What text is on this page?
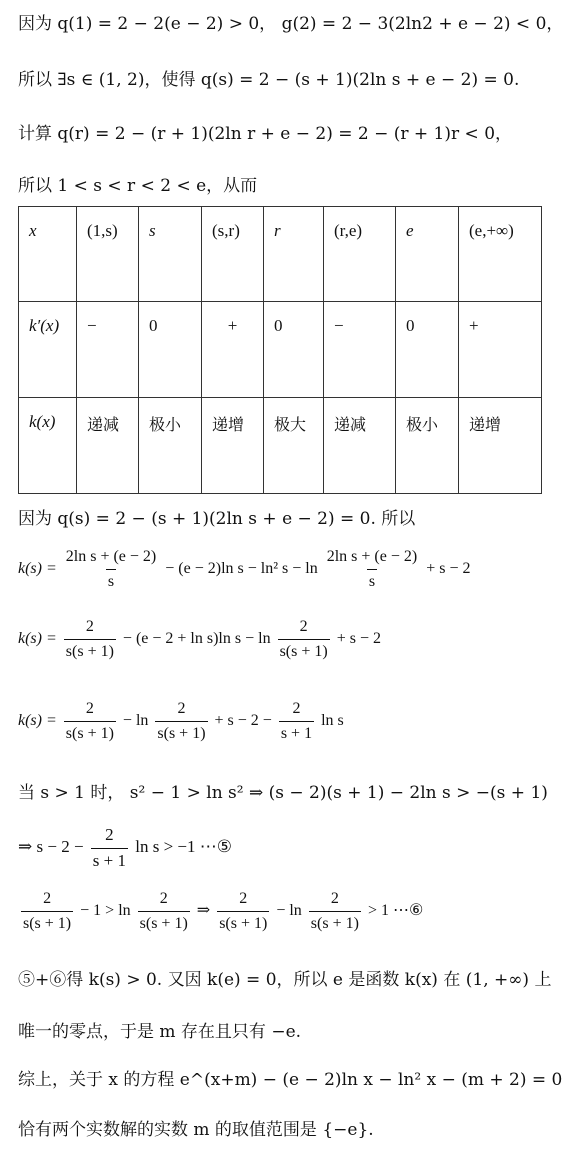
因为 q(1) = 2 − 2(e − 2) > 0， g(2) = 2 − 3(2ln2 + e − 2) < 0，
所以 ∃s ∈ (1, 2)，使得 q(s) = 2 − (s + 1)(2ln s + e − 2) = 0.
计算 q(r) = 2 − (r + 1)(2ln r + e − 2) = 2 − (r + 1)r < 0，
所以 1 < s < r < 2 < e，从而
x	(1,s)	s	(s,r)	r	(r,e)	e	(e,+∞)
k′(x)	−	0	+	0	−	0	+
k(x)	递减	极小	递增	极大	递减	极小	递增
因为 q(s) = 2 − (s + 1)(2ln s + e − 2) = 0. 所以
$k(s) = \frac{\text{2ln s + (e − 2)}}{s} - (e - 2)\ln$ s − ln² $s - \ln \frac{\text{2ln s + (e − 2)}}{s} + s - 2$
$k(s) = \frac{2}{s(s + 1)} - (e - 2 + \ln s)\ln$ $s - \ln \frac{2}{s(s + 1)} + s - 2$
$k(s) = \frac{2}{s(s + 1)} - \ln \frac{2}{s(s + 1)} + s - 2 - \frac{2}{s + 1}$ ln s
当 s > 1 时， s² − 1 > ln s² ⇒ (s − 2)(s + 1) − 2ln s > −(s + 1)
⇒ $s - 2 - \frac{2}{s + 1}$ ln s > −1 ⋯⑤
$\frac{2}{s(s + 1)} - 1 > \ln \frac{2}{s(s + 1)}$ ⇒ $\frac{2}{s(s + 1)} - \ln \frac{2}{s(s + 1)} > 1$ ⋯⑥
⑤+⑥得 k(s) > 0. 又因 k(e) = 0，所以 e 是函数 k(x) 在 (1, +∞) 上
唯一的零点，于是 m 存在且只有 −e.
综上，关于 x 的方程 e^(x+m) − (e − 2)ln x − ln² x − (m + 2) = 0
恰有两个实数解的实数 m 的取值范围是 {−e}.
